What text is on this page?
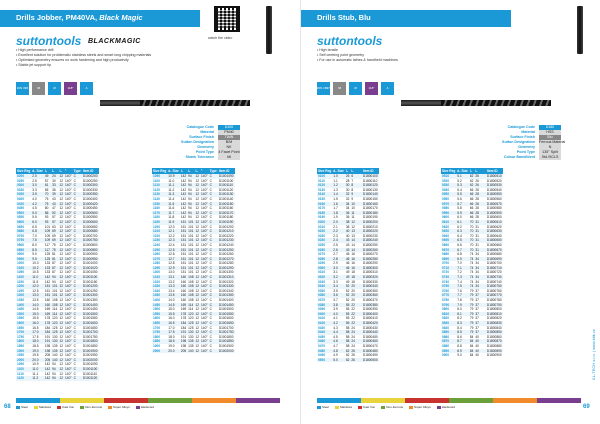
Drills Jobber, PM40VA, Black Magic
watch the video
suttontools BLACKMAGIC
• High performance drill
• Excellent solution for problematic stainless steels and smart long chipping materials
• Optimised geometry ensures no work hardening and high productivity
• Stable jet support tip
DIN 338	h8	Ø	118°	A
Catalogue Code	D100
Material	PM40
Surface Finish	TiAlN
Sutton Designation	B/M
Geometry	NK
Point Type 4 Facet Point
Shank Tolerance	h6
Size Reg	d₁ Size	l₁	l₂	l₃	°	Type	Item ID
0200	2.0	49	24	12	140°	C	D1000200
0250	2.5	57	30	12	140°	C	D1000250
0300	3.0	61	33	12	140°	C	D1000300
0330	3.3	65	36	12	140°	C	D1000330
0350	3.5	70	39	12	140°	C	D1000350
0400	4.0	75	43	12	140°	C	D1000400
0420	4.2	75	43	12	140°	C	D1000420
0450	4.5	80	47	12	140°	C	D1000450
0500	5.0	86	52	12	140°	C	D1000500
0550	5.5	93	57	12	140°	C	D1000550
0600	6.0	93	57	12	140°	C	D1000600
0650	6.5	101	63	12	140°	C	D1000650
0680	6.8	109	69	12	140°	C	D1000680
0700	7.0	109	69	12	140°	C	D1000700
0750	7.5	109	69	12	140°	C	D1000750
0800	8.0	117	75	12	140°	C	D1000800
0850	8.5	117	75	12	140°	C	D1000850
0900	9.0	125	81	12	140°	C	D1000900
0950	9.5	125	81	12	140°	C	D1000950
1000	10.0	133	87	12	140°	C	D1001000
1020	10.2	133	87	12	140°	C	D1001020
1050	10.5	133	87	12	140°	C	D1001050
1100	11.0	142	94	12	140°	C	D1001100
1150	11.5	142	94	12	140°	C	D1001150
1200	12.0	151	101	12	140°	C	D1001200
1250	12.5	151	101	12	140°	C	D1001250
1300	13.0	151	101	12	140°	C	D1001300
1350	13.5	160	108	12	140°	C	D1001350
1400	14.0	160	108	12	140°	C	D1001400
1450	14.5	169	114	12	140°	C	D1001450
1500	15.0	169	114	12	140°	C	D1001500
1550	15.5	178	120	12	140°	C	D1001550
1600	16.0	178	120	12	140°	C	D1001600
1650	16.5	184	125	12	140°	C	D1001650
1700	17.0	184	125	12	140°	C	D1001700
1750	17.5	191	130	12	140°	C	D1001750
1800	18.0	191	130	12	140°	C	D1001800
1850	18.5	198	135	12	140°	C	D1001850
1900	19.0	198	135	12	140°	C	D1001900
1950	19.5	205	140	12	140°	C	D1001950
2000	20.0	205	140	12	140°	C	D1002000
1090	10.9	142	94	12	140°	C	D1001090
1100	11.0	142	94	12	140°	C	D1001100
1110	11.1	142	94	12	140°	C	D1001110
1120	11.2	142	94	12	140°	C	D1001120
Size Reg	d₁ Size	l₁	l₂	l₃	°	Type	Item ID
1090	10.9	142	94	12	140°	C	D1001090
1100	11.0	142	94	12	140°	C	D1001100
1110	11.1	142	94	12	140°	C	D1001110
1120	11.2	142	94	12	140°	C	D1001120
1130	11.3	142	94	12	140°	C	D1001130
1140	11.4	142	94	12	140°	C	D1001140
1150	11.5	142	94	12	140°	C	D1001150
1160	11.6	142	94	12	140°	C	D1001160
1170	11.7	142	94	12	140°	C	D1001170
1180	11.8	142	94	12	140°	C	D1001180
1190	11.9	151	101	12	140°	C	D1001190
1200	12.0	151	101	12	140°	C	D1001200
1210	12.1	151	101	12	140°	C	D1001210
1220	12.2	151	101	12	140°	C	D1001220
1230	12.3	151	101	12	140°	C	D1001230
1240	12.4	151	101	12	140°	C	D1001240
1250	12.5	151	101	12	140°	C	D1001250
1260	12.6	151	101	12	140°	C	D1001260
1270	12.7	151	101	12	140°	C	D1001270
1280	12.8	151	101	12	140°	C	D1001280
1290	12.9	151	101	12	140°	C	D1001290
1300	13.0	151	101	12	140°	C	D1001300
1310	13.1	160	108	12	140°	C	D1001310
1320	13.2	160	108	12	140°	C	D1001320
1330	13.3	160	108	12	140°	C	D1001330
1340	13.4	160	108	12	140°	C	D1001340
1350	13.5	160	108	12	140°	C	D1001350
1400	14.0	160	108	12	140°	C	D1001400
1450	14.5	169	114	12	140°	C	D1001450
1500	15.0	169	114	12	140°	C	D1001500
1550	15.5	178	120	12	140°	C	D1001550
1600	16.0	178	120	12	140°	C	D1001600
1650	16.5	184	125	12	140°	C	D1001650
1700	17.0	184	125	12	140°	C	D1001700
1750	17.5	191	130	12	140°	C	D1001750
1800	18.0	191	130	12	140°	C	D1001800
1850	18.5	198	135	12	140°	C	D1001850
1900	19.0	198	135	12	140°	C	D1001900
2000	20.0	205	140	12	140°	C	D1002000
Steel	Stainless	Cast Iron	Non-Ferrous	Super Alloys	Hardened
68
Drills Stub, Blu
suttontools
• High tensile
• Self centring point geometry
• For use in automatic lathes & handheld machines
DIN 1897	h8	Ø	118°	A
Catalogue Code	D180
Material	HSS
Surface Finish	Blu
Sutton Designation Ferrous Material
Geometry	N
Point Type	135° Split
Colour Band/Ident	Std./SCLS
Size Reg	d₁ Size	l₁	l₂				Item ID
0100	1.0	26	6				D1800100
0110	1.1	28	7				D1800110
0120	1.2	30	8				D1800120
0130	1.3	30	8				D1800130
0140	1.4	32	9				D1800140
0150	1.5	32	9				D1800150
0160	1.6	34	10				D1800160
0170	1.7	34	10				D1800170
0180	1.8	36	11				D1800180
0190	1.9	36	11				D1800190
0200	2.0	38	12				D1800200
0210	2.1	38	12				D1800210
0220	2.2	40	13				D1800220
0230	2.3	40	13				D1800230
0240	2.4	43	14				D1800240
0250	2.5	43	14				D1800250
0260	2.6	43	14				D1800260
0270	2.7	46	16				D1800270
0280	2.8	46	16				D1800280
0290	2.9	46	16				D1800290
0300	3.0	46	16				D1800300
0310	3.1	49	18				D1800310
0320	3.2	49	18				D1800320
0330	3.3	49	18				D1800330
0340	3.4	52	20				D1800340
0350	3.5	52	20				D1800350
0360	3.6	52	20				D1800360
0370	3.7	52	20				D1800370
0380	3.8	55	22				D1800380
0390	3.9	55	22				D1800390
0400	4.0	55	22				D1800400
0410	4.1	55	22				D1800410
0420	4.2	55	22				D1800420
0430	4.3	58	24				D1800430
0440	4.4	58	24				D1800440
0450	4.5	58	24				D1800450
0460	4.6	58	24				D1800460
0470	4.7	58	24				D1800470
0480	4.8	62	26				D1800480
0490	4.9	62	26				D1800490
0500	5.0	62	26				D1800500
Size Reg	d₁ Size	l₁	l₂				Item ID
0510	5.1	62	26				D1800510
0520	5.2	62	26				D1800520
0530	5.3	62	26				D1800530
0540	5.4	66	28				D1800540
0550	5.5	66	28				D1800550
0560	5.6	66	28				D1800560
0570	5.7	66	28				D1800570
0580	5.8	66	28				D1800580
0590	5.9	66	28				D1800590
0600	6.0	66	28				D1800600
0610	6.1	70	31				D1800610
0620	6.2	70	31				D1800620
0630	6.3	70	31				D1800630
0640	6.4	70	31				D1800640
0650	6.5	70	31				D1800650
0660	6.6	70	31				D1800660
0670	6.7	70	31				D1800670
0680	6.8	74	34				D1800680
0690	6.9	74	34				D1800690
0700	7.0	74	34				D1800700
0710	7.1	74	34				D1800710
0720	7.2	74	34				D1800720
0730	7.3	74	34				D1800730
0740	7.4	74	34				D1800740
0750	7.5	74	34				D1800750
0760	7.6	79	37				D1800760
0770	7.7	79	37				D1800770
0780	7.8	79	37				D1800780
0790	7.9	79	37				D1800790
0800	8.0	79	37				D1800800
0810	8.1	79	37				D1800810
0820	8.2	79	37				D1800820
0830	8.3	79	37				D1800830
0840	8.4	79	37				D1800840
0850	8.5	79	37				D1800850
0860	8.6	84	40				D1800860
0870	8.7	84	40				D1800870
0880	8.8	84	40				D1800880
0890	8.9	84	40				D1800890
0900	9.0	84	40				D1800900
Steel	Stainless	Cast Iron	Non-Ferrous	Super Alloys	Hardened
KL-TECH s.r.o. | www.kltk.cz
69
